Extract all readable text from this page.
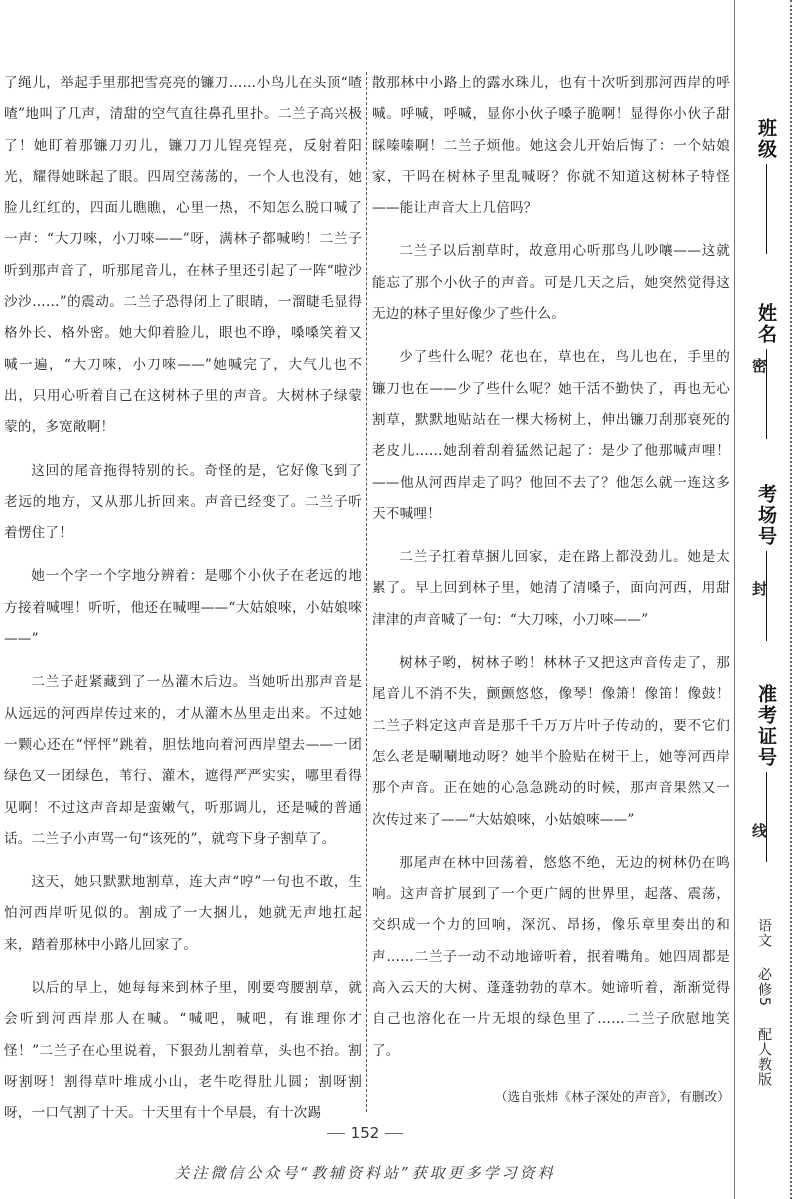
了绳儿，举起手里那把雪亮亮的镰刀……小鸟儿在头顶“喳喳”地叫了几声，清甜的空气直往鼻孔里扑。二兰子高兴极了！她盯着那镰刀刃儿，镰刀刀儿锃亮锃亮，反射着阳光，耀得她眯起了眼。四周空荡荡的，一个人也没有，她脸儿红红的，四面儿瞧瞧，心里一热，不知怎么脱口喊了一声：“大刀唻，小刀唻——”呀，满林子都喊哟！二兰子听到那声音了，听那尾音儿，在林子里还引起了一阵“啦沙沙沙……”的震动。二兰子恐得闭上了眼睛，一溜睫毛显得格外长、格外密。她大仰着脸儿，眼也不睁，嗓嗓笑着又喊一遍，“大刀唻，小刀唻——”她喊完了，大气儿也不出，只用心听着自己在这树林子里的声音。大树林子绿蒙蒙的，多宽敞啊！

这回的尾音拖得特别的长。奇怪的是，它好像飞到了老远的地方，又从那儿折回来。声音已经变了。二兰子听着愣住了！

她一个字一个字地分辨着：是哪个小伙子在老远的地方接着喊哩！听听，他还在喊哩——“大姑娘唻，小姑娘唻——”

二兰子赶紧藏到了一丛灌木后边。当她听出那声音是从远远的河西岸传过来的，才从灌木丛里走出来。不过她一颗心还在“怦怦”跳着，胆怯地向着河西岸望去——一团绿色又一团绿色，苇行、灌木，遮得严严实实，哪里看得见啊！不过这声音却是蛮嫩气，听那调儿，还是喊的普通话。二兰子小声骂一句“该死的”，就弯下身子割草了。

这天，她只默默地割草，连大声“哼”一句也不敢，生怕河西岸听见似的。割成了一大捆儿，她就无声地扛起来，踏着那林中小路儿回家了。

以后的早上，她每每来到林子里，刚要弯腰割草，就会听到河西岸那人在喊。“喊吧，喊吧，有谁理你才怪！”二兰子在心里说着，下狠劲儿割着草，头也不抬。割呀割呀！割得草叶堆成小山，老牛吃得肚儿圆；割呀割呀，一口气割了十天。十天里有十个早晨，有十次踢

散那林中小路上的露水珠儿，也有十次听到那河西岸的呼喊。呼喊，呼喊，显你小伙子嗓子脆啊！显得你小伙子甜睬嗪嗪啊！二兰子烦他。她这会儿开始后悔了：一个姑娘家，干吗在树林子里乱喊呀？你就不知道这树林子特怪——能让声音大上几倍吗？

二兰子以后割草时，故意用心听那鸟儿吵嚷——这就能忘了那个小伙子的声音。可是几天之后，她突然觉得这无边的林子里好像少了些什么。

少了些什么呢？花也在，草也在，鸟儿也在，手里的镰刀也在——少了些什么呢？她干活不勤快了，再也无心割草，默默地贴站在一棵大杨树上，伸出镰刀刮那衰死的老皮儿……她刮着刮着猛然记起了：是少了他那喊声哩！——他从河西岸走了吗？他回不去了？他怎么就一连这多天不喊哩！

二兰子扛着草捆儿回家，走在路上都没劲儿。她是太累了。早上回到林子里，她清了清嗓子，面向河西，用甜津津的声音喊了一句：“大刀唻，小刀唻——”

树林子哟，树林子哟！林林子又把这声音传走了，那尾音儿不消不失，颤颤悠悠，像琴！像箫！像笛！像鼓！二兰子料定这声音是那千千万万片叶子传动的，要不它们怎么老是唰唰地动呀？她半个脸贴在树干上，她等河西岸那个声音。正在她的心急急跳动的时候，那声音果然又一次传过来了——“大姑娘唻，小姑娘唻——”

那尾声在林中回荡着，悠悠不绝，无边的树林仍在鸣响。这声音扩展到了一个更广阔的世界里，起落、震荡，交织成一个力的回响，深沉、昂扬，像乐章里奏出的和声……二兰子一动不动地谛听着，抿着嘴角。她四周都是高入云天的大树、蓬蓬勃勃的草木。她谛听着，渐渐觉得自己也溶化在一片无垠的绿色里了……二兰子欣慰地笑了。

（选自张炜《林子深处的声音》，有删改）

152
关注微信公众号“教辅资料站”获取更多学习资料
班级
姓名
考场号
准考证号
密
封
线
语文 必修5 配人教版
